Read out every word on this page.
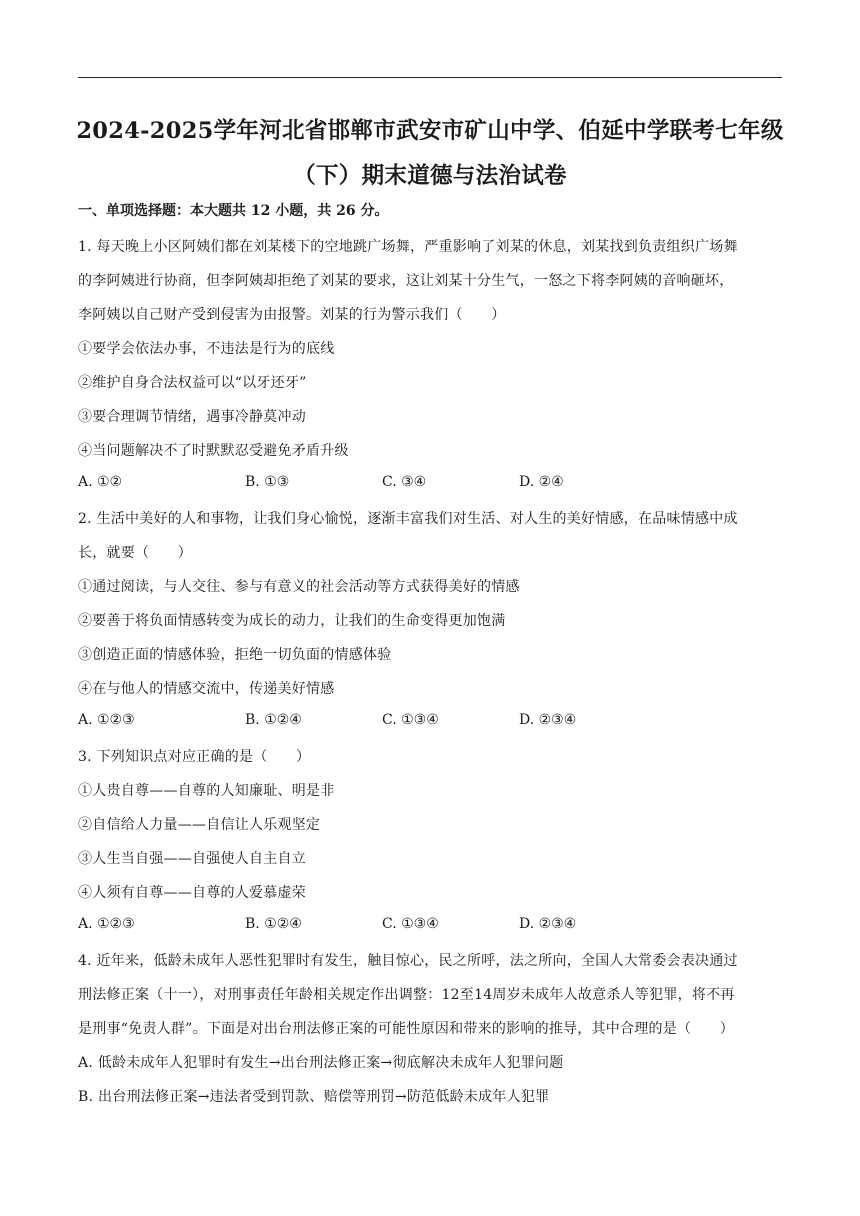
2024-2025学年河北省邯郸市武安市矿山中学、伯延中学联考七年级
（下）期末道德与法治试卷
一、单项选择题：本大题共 12 小题，共 26 分。
1. 每天晚上小区阿姨们都在刘某楼下的空地跳广场舞，严重影响了刘某的休息，刘某找到负责组织广场舞
的李阿姨进行协商，但李阿姨却拒绝了刘某的要求，这让刘某十分生气，一怒之下将李阿姨的音响砸坏，
李阿姨以自己财产受到侵害为由报警。刘某的行为警示我们（　　）
①要学会依法办事，不违法是行为的底线
②维护自身合法权益可以“以牙还牙”
③要合理调节情绪，遇事冷静莫冲动
④当问题解决不了时默默忍受避免矛盾升级
A. ①②	B. ①③	C. ③④	D. ②④
2. 生活中美好的人和事物，让我们身心愉悦，逐渐丰富我们对生活、对人生的美好情感，在品味情感中成
长，就要（　　）
①通过阅读，与人交往、参与有意义的社会活动等方式获得美好的情感
②要善于将负面情感转变为成长的动力，让我们的生命变得更加饱满
③创造正面的情感体验，拒绝一切负面的情感体验
④在与他人的情感交流中，传递美好情感
A. ①②③	B. ①②④	C. ①③④	D. ②③④
3. 下列知识点对应正确的是（　　）
①人贵自尊——自尊的人知廉耻、明是非
②自信给人力量——自信让人乐观坚定
③人生当自强——自强使人自主自立
④人须有自尊——自尊的人爱慕虚荣
A. ①②③	B. ①②④	C. ①③④	D. ②③④
4. 近年来，低龄未成年人恶性犯罪时有发生，触目惊心，民之所呼，法之所向，全国人大常委会表决通过
刑法修正案（十一），对刑事责任年龄相关规定作出调整：12至14周岁未成年人故意杀人等犯罪，将不再
是刑事“免责人群”。下面是对出台刑法修正案的可能性原因和带来的影响的推导，其中合理的是（　　）
A. 低龄未成年人犯罪时有发生→出台刑法修正案→彻底解决未成年人犯罪问题
B. 出台刑法修正案→违法者受到罚款、赔偿等刑罚→防范低龄未成年人犯罪
